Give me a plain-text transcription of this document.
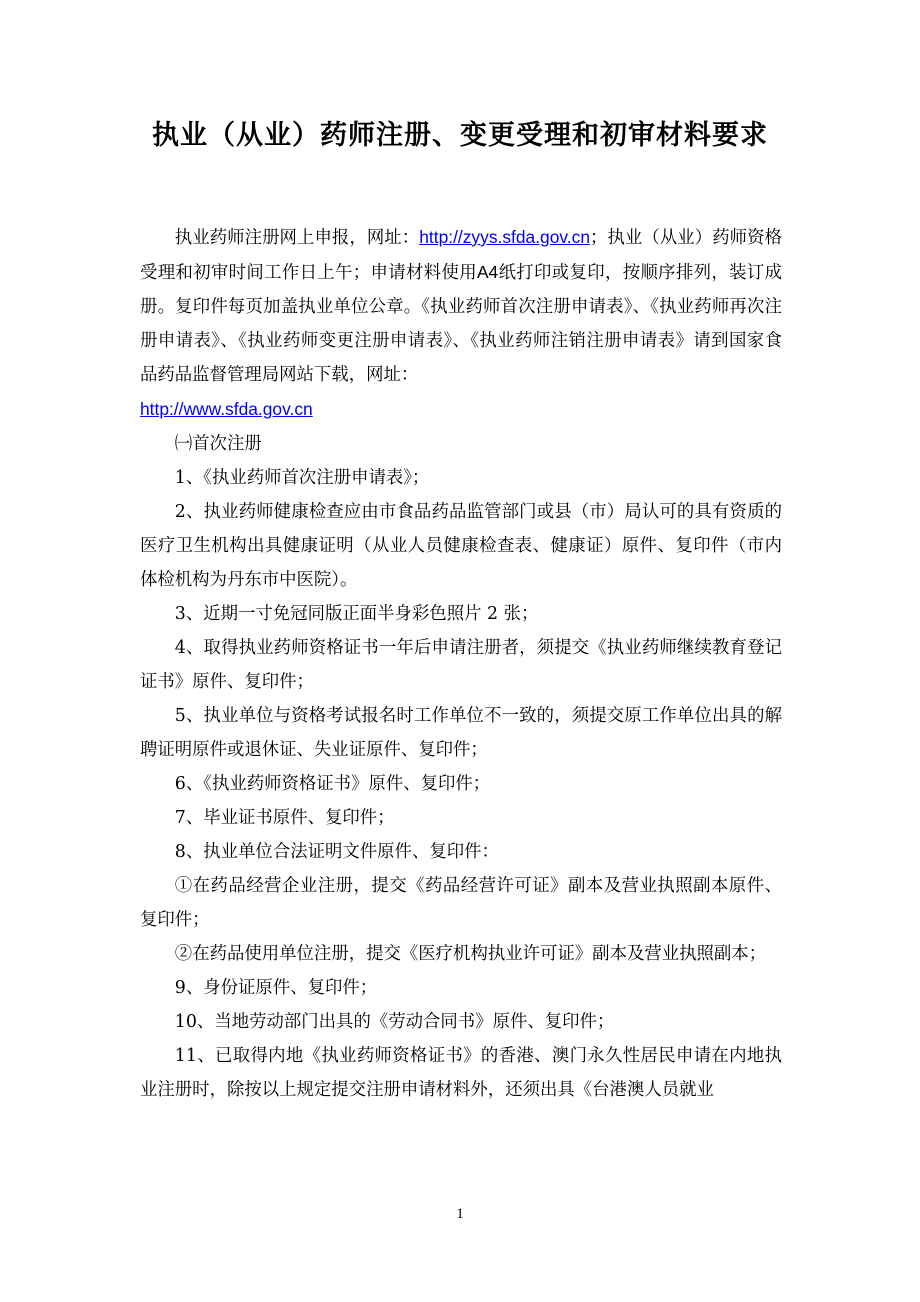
执业（从业）药师注册、变更受理和初审材料要求

执业药师注册网上申报，网址：http://zyys.sfda.gov.cn；执业（从业）药师资格受理和初审时间工作日上午；申请材料使用A4纸打印或复印，按顺序排列，装订成册。复印件每页加盖执业单位公章。《执业药师首次注册申请表》、《执业药师再次注册申请表》、《执业药师变更注册申请表》、《执业药师注销注册申请表》请到国家食品药品监督管理局网站下载，网址：

http://www.sfda.gov.cn

㈠首次注册

1、《执业药师首次注册申请表》；

2、执业药师健康检查应由市食品药品监管部门或县（市）局认可的具有资质的医疗卫生机构出具健康证明（从业人员健康检查表、健康证）原件、复印件（市内体检机构为丹东市中医院）。

3、近期一寸免冠同版正面半身彩色照片 2 张；

4、取得执业药师资格证书一年后申请注册者，须提交《执业药师继续教育登记证书》原件、复印件；

5、执业单位与资格考试报名时工作单位不一致的，须提交原工作单位出具的解聘证明原件或退休证、失业证原件、复印件；

6、《执业药师资格证书》原件、复印件；

7、毕业证书原件、复印件；

8、执业单位合法证明文件原件、复印件：

①在药品经营企业注册，提交《药品经营许可证》副本及营业执照副本原件、复印件；

②在药品使用单位注册，提交《医疗机构执业许可证》副本及营业执照副本；

9、身份证原件、复印件；

10、当地劳动部门出具的《劳动合同书》原件、复印件；

11、已取得内地《执业药师资格证书》的香港、澳门永久性居民申请在内地执业注册时，除按以上规定提交注册申请材料外，还须出具《台港澳人员就业

1
